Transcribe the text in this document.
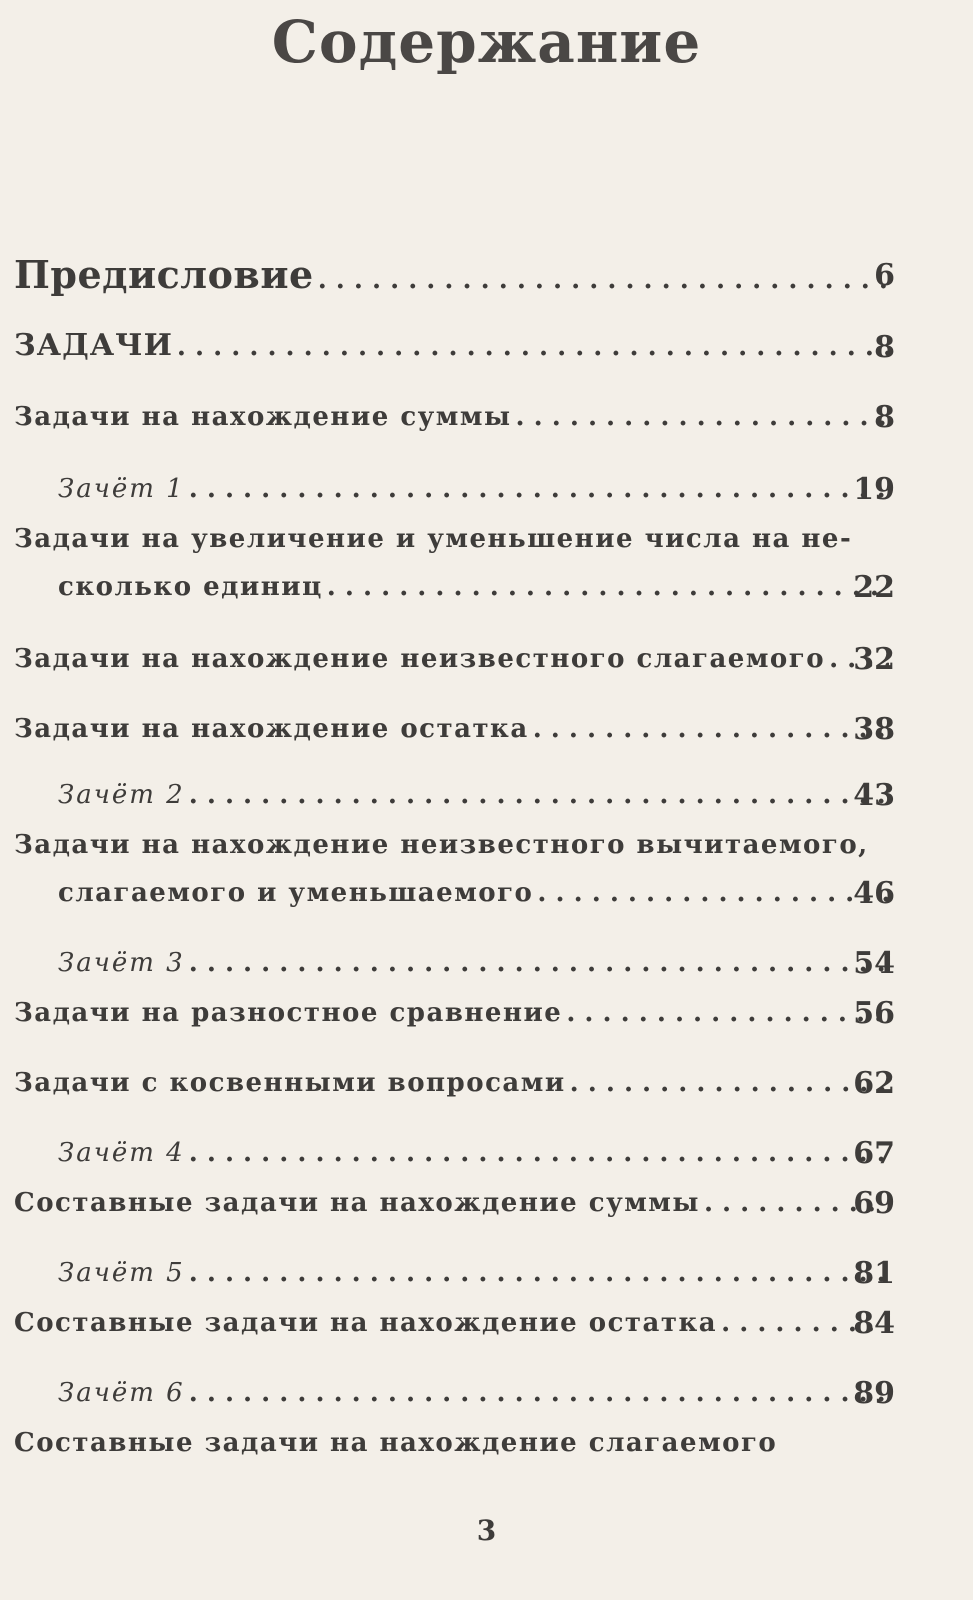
Содержание
Предисловие . . .	6
ЗАДАЧИ . . .	8
Задачи на нахождение суммы . . .	8
Зачёт 1 . . .	19
Задачи на увеличение и уменьшение числа на не-
сколько единиц . . .	22
Задачи на нахождение неизвестного слагаемого . . . 32
Задачи на нахождение остатка . . .	38
Зачёт 2 . . .	43
Задачи на нахождение неизвестного вычитаемого,
слагаемого и уменьшаемого . . .	46
Зачёт 3 . . .	54
Задачи на разностное сравнение . . .	56
Задачи с косвенными вопросами . . .	62
Зачёт 4 . . .	67
Составные задачи на нахождение суммы . . .	69
Зачёт 5 . . .	81
Составные задачи на нахождение остатка . . .	84
Зачёт 6 . . .	89
Составные задачи на нахождение слагаемого
3
